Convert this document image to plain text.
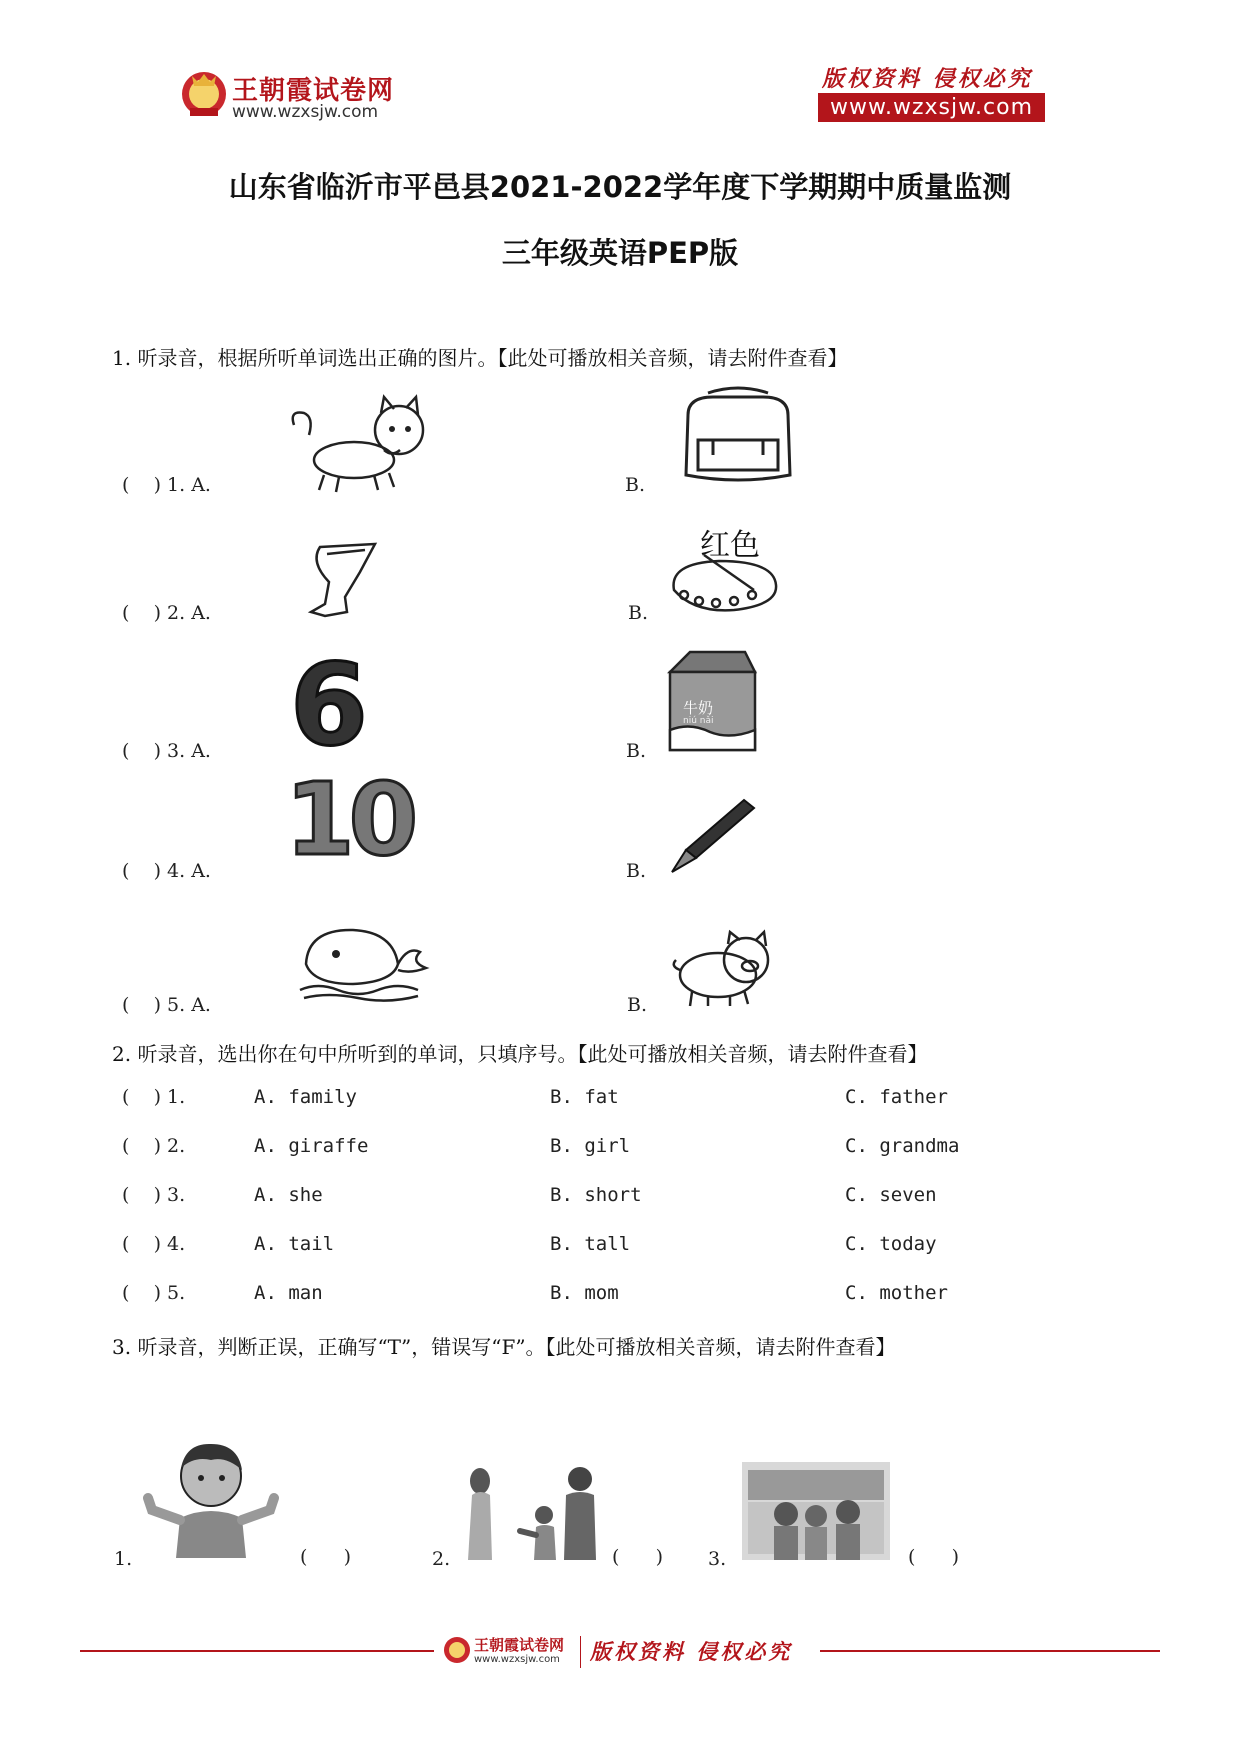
王朝霞试卷网
www.wzxsjw.com
版权资料 侵权必究
www.wzxsjw.com
山东省临沂市平邑县2021-2022学年度下学期期中质量监测
三年级英语PEP版
1. 听录音，根据所听单词选出正确的图片。【此处可播放相关音频，请去附件查看】
(    ) 1. A.	B.
(    ) 2. A.	B.
红色
(    ) 3. A. 6	B.
牛奶
niú nǎi
(    ) 4. A. 10	B.
(    ) 5. A.	B.
2. 听录音，选出你在句中所听到的单词，只填序号。【此处可播放相关音频，请去附件查看】
(    ) 1.	A. family	B. fat	C. father
(    ) 2.	A. giraffe	B. girl	C. grandma
(    ) 3.	A. she	B. short	C. seven
(    ) 4.	A. tail	B. tall	C. today
(    ) 5.	A. man	B. mom	C. mother
3. 听录音，判断正误，正确写“T”，错误写“F”。【此处可播放相关音频，请去附件查看】
1.	(      )	2.	(      ) 3.	(      )
王朝霞试卷网
www.wzxsjw.com 版权资料 侵权必究
